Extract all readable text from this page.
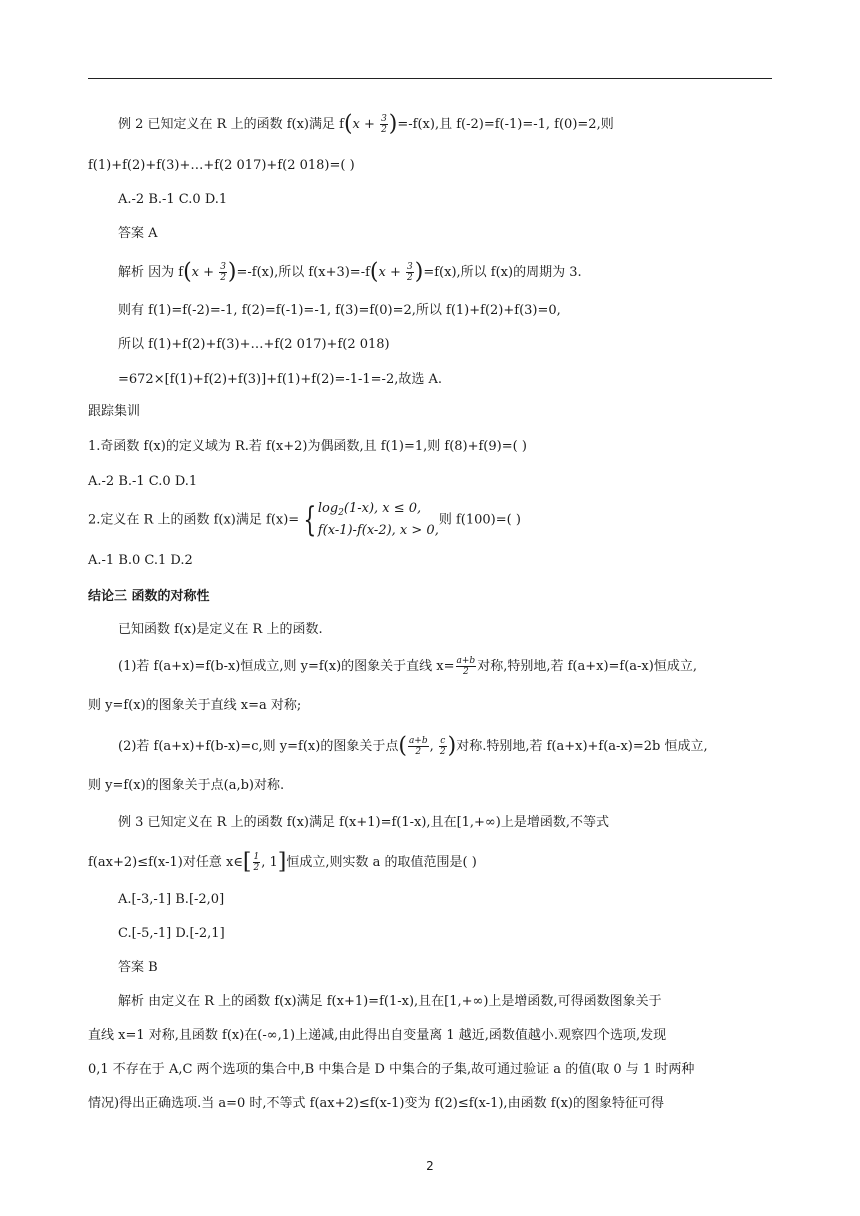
例 2 已知定义在 R 上的函数 f(x)满足 $f(x + \frac{3}{2} )=-f(x)$,且 f(-2)=f(-1)=-1, f(0)=2,则
f(1)+f(2)+f(3)+…+f(2 017)+f(2 018)=( )
A.-2 B.-1 C.0 D.1
答案 A
解析 因为 $f(x + \frac{3}{2} )=-f(x)$,所以 $f(x+3)=-f(x + \frac{3}{2} )=f(x)$,所以 f(x)的周期为 3.
则有 f(1)=f(-2)=-1, f(2)=f(-1)=-1, f(3)=f(0)=2,所以 f(1)+f(2)+f(3)=0,
所以 f(1)+f(2)+f(3)+…+f(2 017)+f(2 018)
=672×[f(1)+f(2)+f(3)]+f(1)+f(2)=-1-1=-2,故选 A.
跟踪集训
1.奇函数 f(x)的定义域为 R.若 f(x+2)为偶函数,且 f(1)=1,则 f(8)+f(9)=( )
A.-2 B.-1 C.0 D.1
2.定义在 R 上的函数 f(x)满足 f(x)= { $\log_2(1-x)$, x ≤ 0,
f(x-1)-f(x-2), x > 0,
则 f(100)=( )
A.-1 B.0 C.1 D.2
结论三 函数的对称性
已知函数 f(x)是定义在 R 上的函数.
(1)若 f(a+x)=f(b-x)恒成立,则 y=f(x)的图象关于直线 $x= \frac{a+b}{2}$ 对称,特别地,若 f(a+x)=f(a-x)恒成立,
则 y=f(x)的图象关于直线 x=a 对称;
(2)若 f(a+x)+f(b-x)=c,则 y=f(x)的图象关于点( $\frac{a+b}{2}$ , $\frac{c}{2}$ )对称.特别地,若 f(a+x)+f(a-x)=2b 恒成立,
则 y=f(x)的图象关于点(a,b)对称.
例 3 已知定义在 R 上的函数 f(x)满足 f(x+1)=f(1-x),且在[1,+∞)上是增函数,不等式
f(ax+2)≤f(x-1)对任意 x∈[ $\frac{1}{2}$ , 1]恒成立,则实数 a 的取值范围是( )
A.[-3,-1] B.[-2,0]
C.[-5,-1] D.[-2,1]
答案 B
解析 由定义在 R 上的函数 f(x)满足 f(x+1)=f(1-x),且在[1,+∞)上是增函数,可得函数图象关于
直线 x=1 对称,且函数 f(x)在(-∞,1)上递减,由此得出自变量离 1 越近,函数值越小.观察四个选项,发现
0,1 不存在于 A,C 两个选项的集合中,B 中集合是 D 中集合的子集,故可通过验证 a 的值(取 0 与 1 时两种
情况)得出正确选项.当 a=0 时,不等式 f(ax+2)≤f(x-1)变为 f(2)≤f(x-1),由函数 f(x)的图象特征可得
2
